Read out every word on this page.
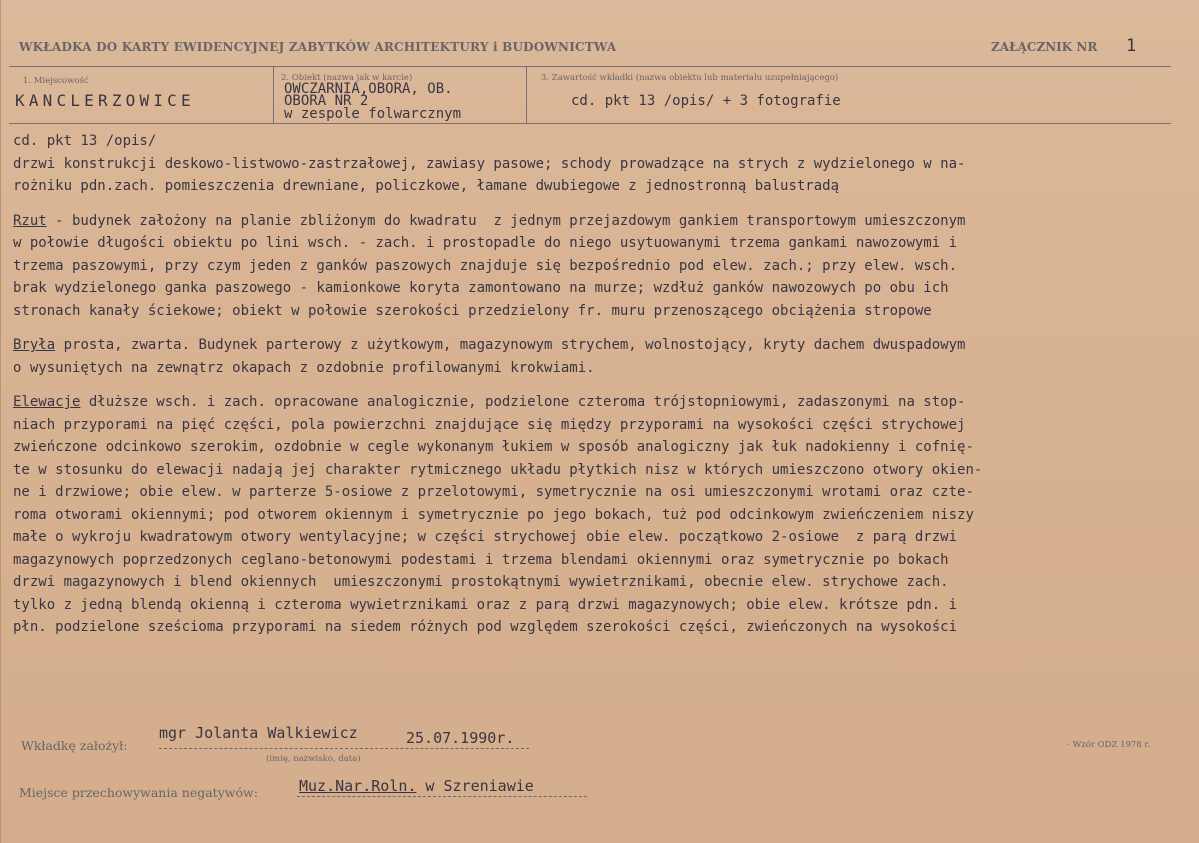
WKŁADKA DO KARTY EWIDENCYJNEJ ZABYTKÓW ARCHITEKTURY i BUDOWNICTWA	ZAŁĄCZNIK NR 1
1. Miejscowość
KANCLERZOWICE
2. Obiekt (nazwa jak w karcie)
OWCZARNIA,OBORA, OB.
OBORA NR 2
w zespole folwarcznym
3. Zawartość wkładki (nazwa obiektu lub materiału uzupełniającego)
cd. pkt 13 /opis/ + 3 fotografie

cd. pkt 13 /opis/

drzwi konstrukcji deskowo-listwowo-zastrzałowej, zawiasy pasowe; schody prowadzące na strych z wydzielonego w na-

rożniku pdn.zach. pomieszczenia drewniane, policzkowe, łamane dwubiegowe z jednostronną balustradą

Rzut - budynek założony na planie zbliżonym do kwadratu  z jednym przejazdowym gankiem transportowym umieszczonym

w połowie długości obiektu po lini wsch. - zach. i prostopadle do niego usytuowanymi trzema gankami nawozowymi i

trzema paszowymi, przy czym jeden z ganków paszowych znajduje się bezpośrednio pod elew. zach.; przy elew. wsch.

brak wydzielonego ganka paszowego - kamionkowe koryta zamontowano na murze; wzdłuż ganków nawozowych po obu ich

stronach kanały ściekowe; obiekt w połowie szerokości przedzielony fr. muru przenoszącego obciążenia stropowe

Bryła prosta, zwarta. Budynek parterowy z użytkowym, magazynowym strychem, wolnostojący, kryty dachem dwuspadowym

o wysuniętych na zewnątrz okapach z ozdobnie profilowanymi krokwiami.

Elewacje dłuższe wsch. i zach. opracowane analogicznie, podzielone czteroma trójstopniowymi, zadaszonymi na stop-

niach przyporami na pięć części, pola powierzchni znajdujące się między przyporami na wysokości części strychowej

zwieńczone odcinkowo szerokim, ozdobnie w cegle wykonanym łukiem w sposób analogiczny jak łuk nadokienny i cofnię-

te w stosunku do elewacji nadają jej charakter rytmicznego układu płytkich nisz w których umieszczono otwory okien-

ne i drzwiowe; obie elew. w parterze 5-osiowe z przelotowymi, symetrycznie na osi umieszczonymi wrotami oraz czte-

roma otworami okiennymi; pod otworem okiennym i symetrycznie po jego bokach, tuż pod odcinkowym zwieńczeniem niszy

małe o wykroju kwadratowym otwory wentylacyjne; w części strychowej obie elew. początkowo 2-osiowe  z parą drzwi

magazynowych poprzedzonych ceglano-betonowymi podestami i trzema blendami okiennymi oraz symetrycznie po bokach

drzwi magazynowych i blend okiennych  umieszczonymi prostokątnymi wywietrznikami, obecnie elew. strychowe zach.

tylko z jedną blendą okienną i czteroma wywietrznikami oraz z parą drzwi magazynowych; obie elew. krótsze pdn. i

płn. podzielone sześcioma przyporami na siedem różnych pod względem szerokości części, zwieńczonych na wysokości

Wkładkę założył:
mgr Jolanta Walkiewicz	25.07.1990r.
(imię, nazwisko, data)
- Wzór ODZ 1978 r.
Miejsce przechowywania negatywów:	Muz.Nar.Roln. w Szreniawie
